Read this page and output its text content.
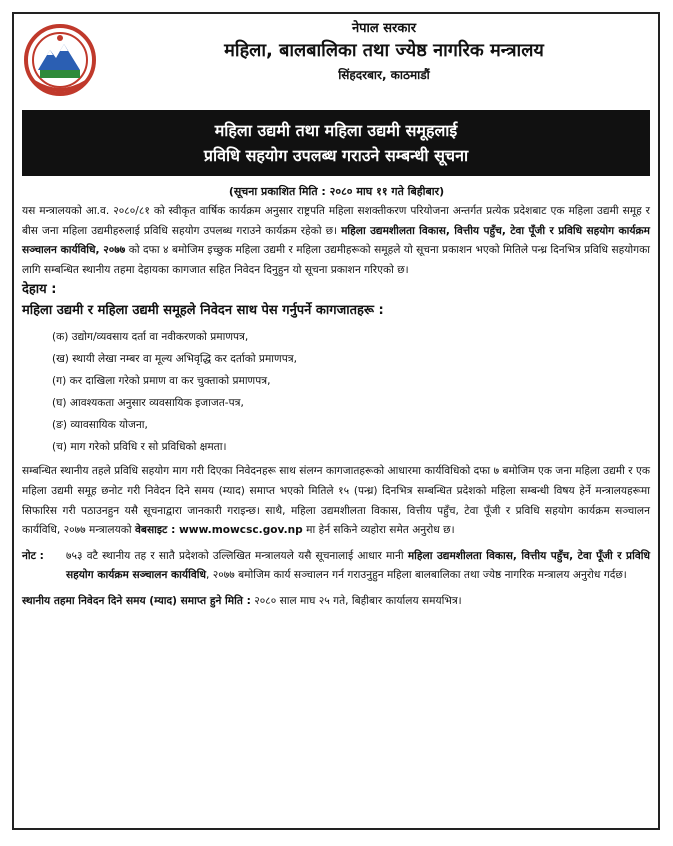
नेपाल सरकार
महिला, बालबालिका तथा ज्येष्ठ नागरिक मन्त्रालय
सिंहदरबार, काठमाडौं
महिला उद्यमी तथा महिला उद्यमी समूहलाई
प्रविधि सहयोग उपलब्ध गराउने सम्बन्धी सूचना
(सूचना प्रकाशित मिति : २०८० माघ ११ गते बिहीबार)

यस मन्त्रालयको आ.व. २०८०/८१ को स्वीकृत वार्षिक कार्यक्रम अनुसार राष्ट्रपति महिला सशक्तीकरण परियोजना अन्तर्गत प्रत्येक प्रदेशबाट एक महिला उद्यमी समूह र बीस जना महिला उद्यमीहरुलाई प्रविधि सहयोग उपलब्ध गराउने कार्यक्रम रहेको छ। महिला उद्यमशीलता विकास, वित्तीय पहुँच, टेवा पूँजी र प्रविधि सहयोग कार्यक्रम सञ्चालन कार्यविधि, २०७७ को दफा ४ बमोजिम इच्छुक महिला उद्यमी र महिला उद्यमीहरूको समूहले यो सूचना प्रकाशन भएको मितिले पन्ध्र दिनभित्र प्रविधि सहयोगका लागि सम्बन्धित स्थानीय तहमा देहायका कागजात सहित निवेदन दिनुहुन यो सूचना प्रकाशन गरिएको छ।

देहाय :
महिला उद्यमी र महिला उद्यमी समूहले निवेदन साथ पेस गर्नुपर्ने कागजातहरू :
(क) उद्योग/व्यवसाय दर्ता वा नवीकरणको प्रमाणपत्र,
(ख) स्थायी लेखा नम्बर वा मूल्य अभिवृद्धि कर दर्ताको प्रमाणपत्र,
(ग) कर दाखिला गरेको प्रमाण वा कर चुक्ताको प्रमाणपत्र,
(घ) आवश्यकता अनुसार व्यवसायिक इजाजत-पत्र,
(ङ) व्यावसायिक योजना,
(च) माग गरेको प्रविधि र सो प्रविधिको क्षमता।

सम्बन्धित स्थानीय तहले प्रविधि सहयोग माग गरी दिएका निवेदनहरू साथ संलग्न कागजातहरूको आधारमा कार्यविधिको दफा ७ बमोजिम एक जना महिला उद्यमी र एक महिला उद्यमी समूह छनोट गरी निवेदन दिने समय (म्याद) समाप्त भएको मितिले १५ (पन्ध्र) दिनभित्र सम्बन्धित प्रदेशको महिला सम्बन्धी विषय हेर्ने मन्त्रालयहरूमा सिफारिस गरी पठाउनहुन यसै सूचनाद्वारा जानकारी गराइन्छ। साथै, महिला उद्यमशीलता विकास, वित्तीय पहुँच, टेवा पूँजी र प्रविधि सहयोग कार्यक्रम सञ्चालन कार्यविधि, २०७७ मन्त्रालयको वेबसाइट : www.mowcsc.gov.np मा हेर्न सकिने व्यहोरा समेत अनुरोध छ।

नोट : ७५३ वटै स्थानीय तह र सातै प्रदेशको उल्लिखित मन्त्रालयले यसै सूचनालाई आधार मानी महिला उद्यमशीलता विकास, वित्तीय पहुँच, टेवा पूँजी र प्रविधि सहयोग कार्यक्रम सञ्चालन कार्यविधि, २०७७ बमोजिम कार्य सञ्चालन गर्न गराउनुहुन महिला बालबालिका तथा ज्येष्ठ नागरिक मन्त्रालय अनुरोध गर्दछ।

स्थानीय तहमा निवेदन दिने समय (म्याद) समाप्त हुने मिति : २०८० साल माघ २५ गते, बिहीबार कार्यालय समयभित्र।
